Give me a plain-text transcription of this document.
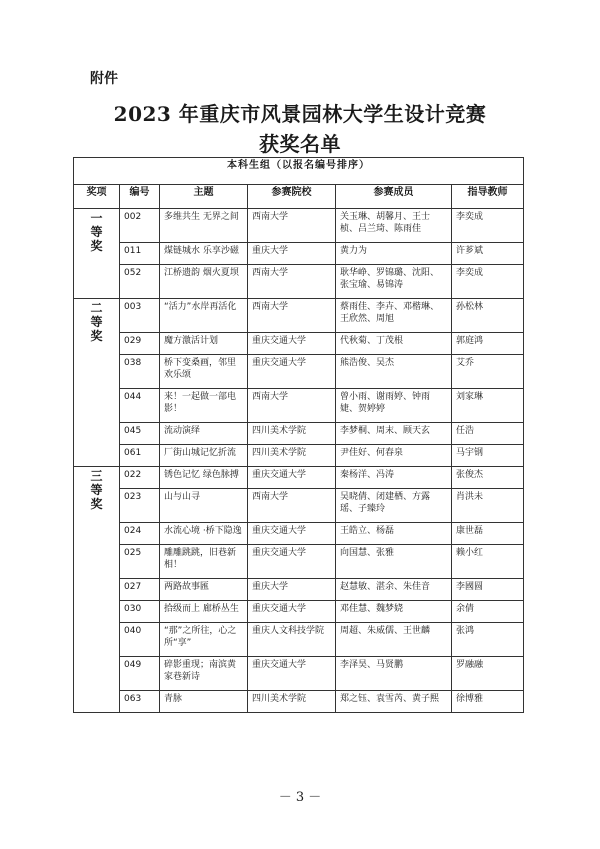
附件
2023 年重庆市风景园林大学生设计竞赛
获奖名单
本科生组（以报名编号排序）					
奖项	编号	主题	参赛院校	参赛成员	指导教师
一等奖	002	多维共生 无界之间	西南大学	关玉琳、胡馨月、王士桢、吕兰琦、陈雨佳	李奕成
	011	煤链城水 乐享沙磁	重庆大学	黄力为	许芗斌
	052	江桥遗韵 烟火夏坝	西南大学	耿华峥、罗锦璐、沈阳、张宝瑜、易锦涛	李奕成
二等奖	003	“活力”水岸再活化	西南大学	蔡雨佳、李卉、邓楷琳、王欣然、周旭	孙松林
	029	魔方激活计划	重庆交通大学	代秋菊、丁茂根	郭庭鸿
	038	桥下变桑画，邻里欢乐颂	重庆交通大学	熊浩俊、吴杰	艾乔
	044	来！一起做一部电影！	西南大学	曾小雨、谢雨婷、钟雨婕、贺婷婷	刘家琳
	045	流动演绎	四川美术学院	李梦桐、周末、顾天玄	任浩
	061	厂街山城记忆折流	四川美术学院	尹佳好、何春泉	马宇钢
三等奖	022	锈色记忆 绿色脉搏	重庆交通大学	秦杨洋、冯涛	张俊杰
	023	山与山寻	西南大学	吴晓倩、闭建栖、方露瑶、子臻玲	肖洪未
	024	水流心境 ·桥下隐逸	重庆交通大学	王皓立、杨磊	康世磊
	025	雕雕跳跳，旧巷新相！	重庆交通大学	向国慧、张雅	赖小红
	027	两路故事匯	重庆大学	赵慧敏、湛余、朱佳音	李國圆
	030	拾级而上 廊桥丛生	重庆交通大学	邓佳慧、魏梦娆	余倩
	040	“那”之所往，心之所“享”	重庆人文科技学院	周超、朱威儒、王世麟	张鸿
	049	碎影重现；南滨黄家巷新诗	重庆交通大学	李泽昊、马贤鹏	罗融融
	063	青脉	四川美术学院	郑之钰、袁雪芮、黄子熙	徐博雅
－ 3 －
